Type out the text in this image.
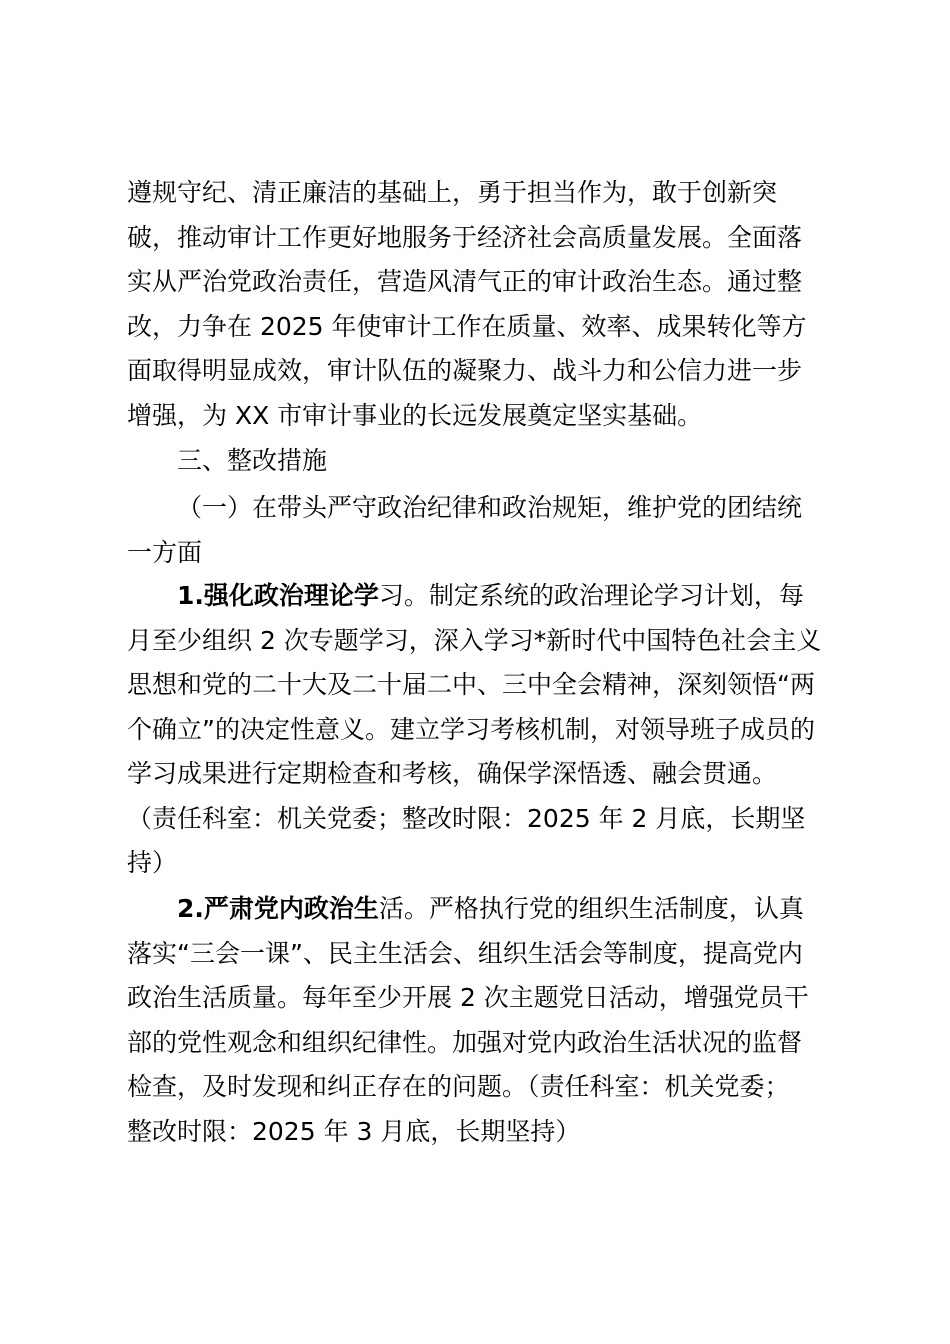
遵规守纪、清正廉洁的基础上，勇于担当作为，敢于创新突
破，推动审计工作更好地服务于经济社会高质量发展。全面落
实从严治党政治责任，营造风清气正的审计政治生态。通过整
改，力争在 2025 年使审计工作在质量、效率、成果转化等方
面取得明显成效，审计队伍的凝聚力、战斗力和公信力进一步
增强，为 XX 市审计事业的长远发展奠定坚实基础。
三、整改措施
（一）在带头严守政治纪律和政治规矩，维护党的团结统
一方面
1.强化政治理论学习。制定系统的政治理论学习计划，每
月至少组织 2 次专题学习，深入学习*新时代中国特色社会主义
思想和党的二十大及二十届二中、三中全会精神，深刻领悟“两
个确立”的决定性意义。建立学习考核机制，对领导班子成员的
学习成果进行定期检查和考核，确保学深悟透、融会贯通。
（责任科室：机关党委；整改时限：2025 年 2 月底，长期坚
持）
2.严肃党内政治生活。严格执行党的组织生活制度，认真
落实“三会一课”、民主生活会、组织生活会等制度，提高党内
政治生活质量。每年至少开展 2 次主题党日活动，增强党员干
部的党性观念和组织纪律性。加强对党内政治生活状况的监督
检查，及时发现和纠正存在的问题。（责任科室：机关党委；
整改时限：2025 年 3 月底，长期坚持）
